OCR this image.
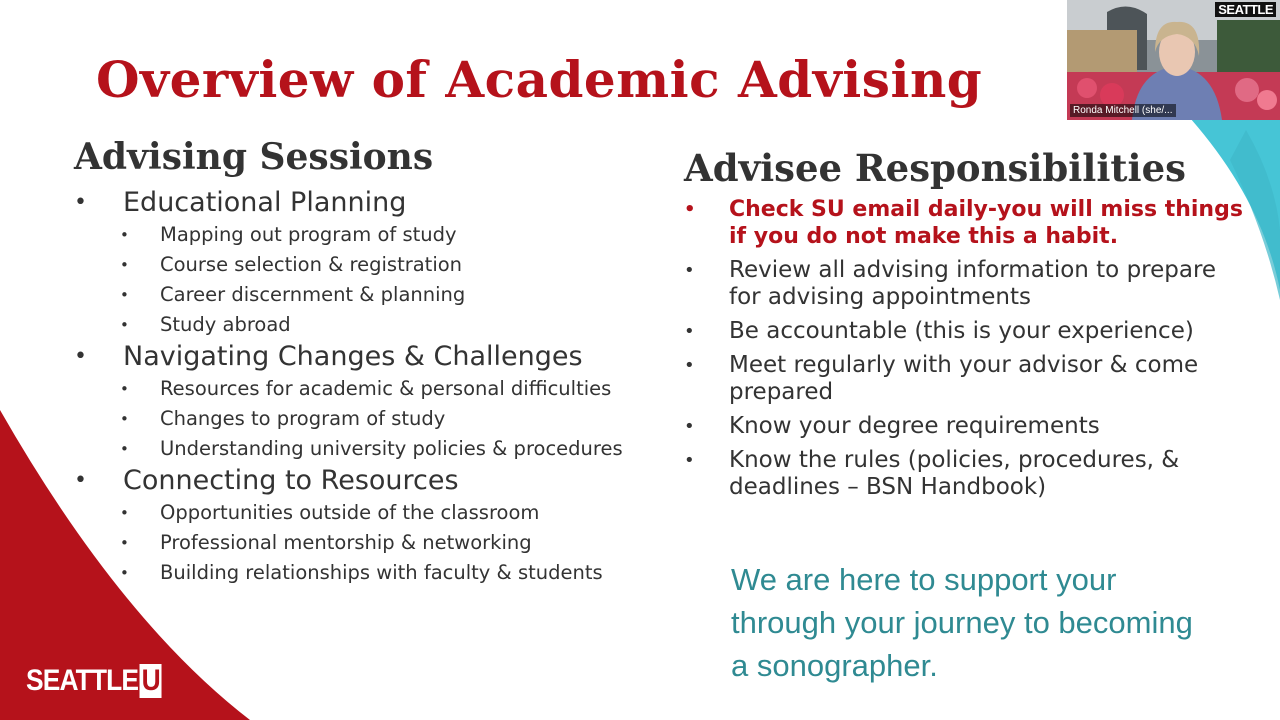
Overview of Academic Advising
Advising Sessions
• Educational Planning
• Mapping out program of study
• Course selection & registration
• Career discernment & planning
• Study abroad
• Navigating Changes & Challenges
• Resources for academic & personal difficulties
• Changes to program of study
• Understanding university policies & procedures
• Connecting to Resources
• Opportunities outside of the classroom
• Professional mentorship & networking
• Building relationships with faculty & students
Advisee Responsibilities
• Check SU email daily-you will miss things if you do not make this a habit.
• Review all advising information to prepare for advising appointments
• Be accountable (this is your experience)
• Meet regularly with your advisor & come prepared
• Know your degree requirements
• Know the rules (policies, procedures, & deadlines – BSN Handbook)

We are here to support your through your journey to becoming a sonographer.

SEATTLE U
SEATTLE
Ronda Mitchell (she/...
